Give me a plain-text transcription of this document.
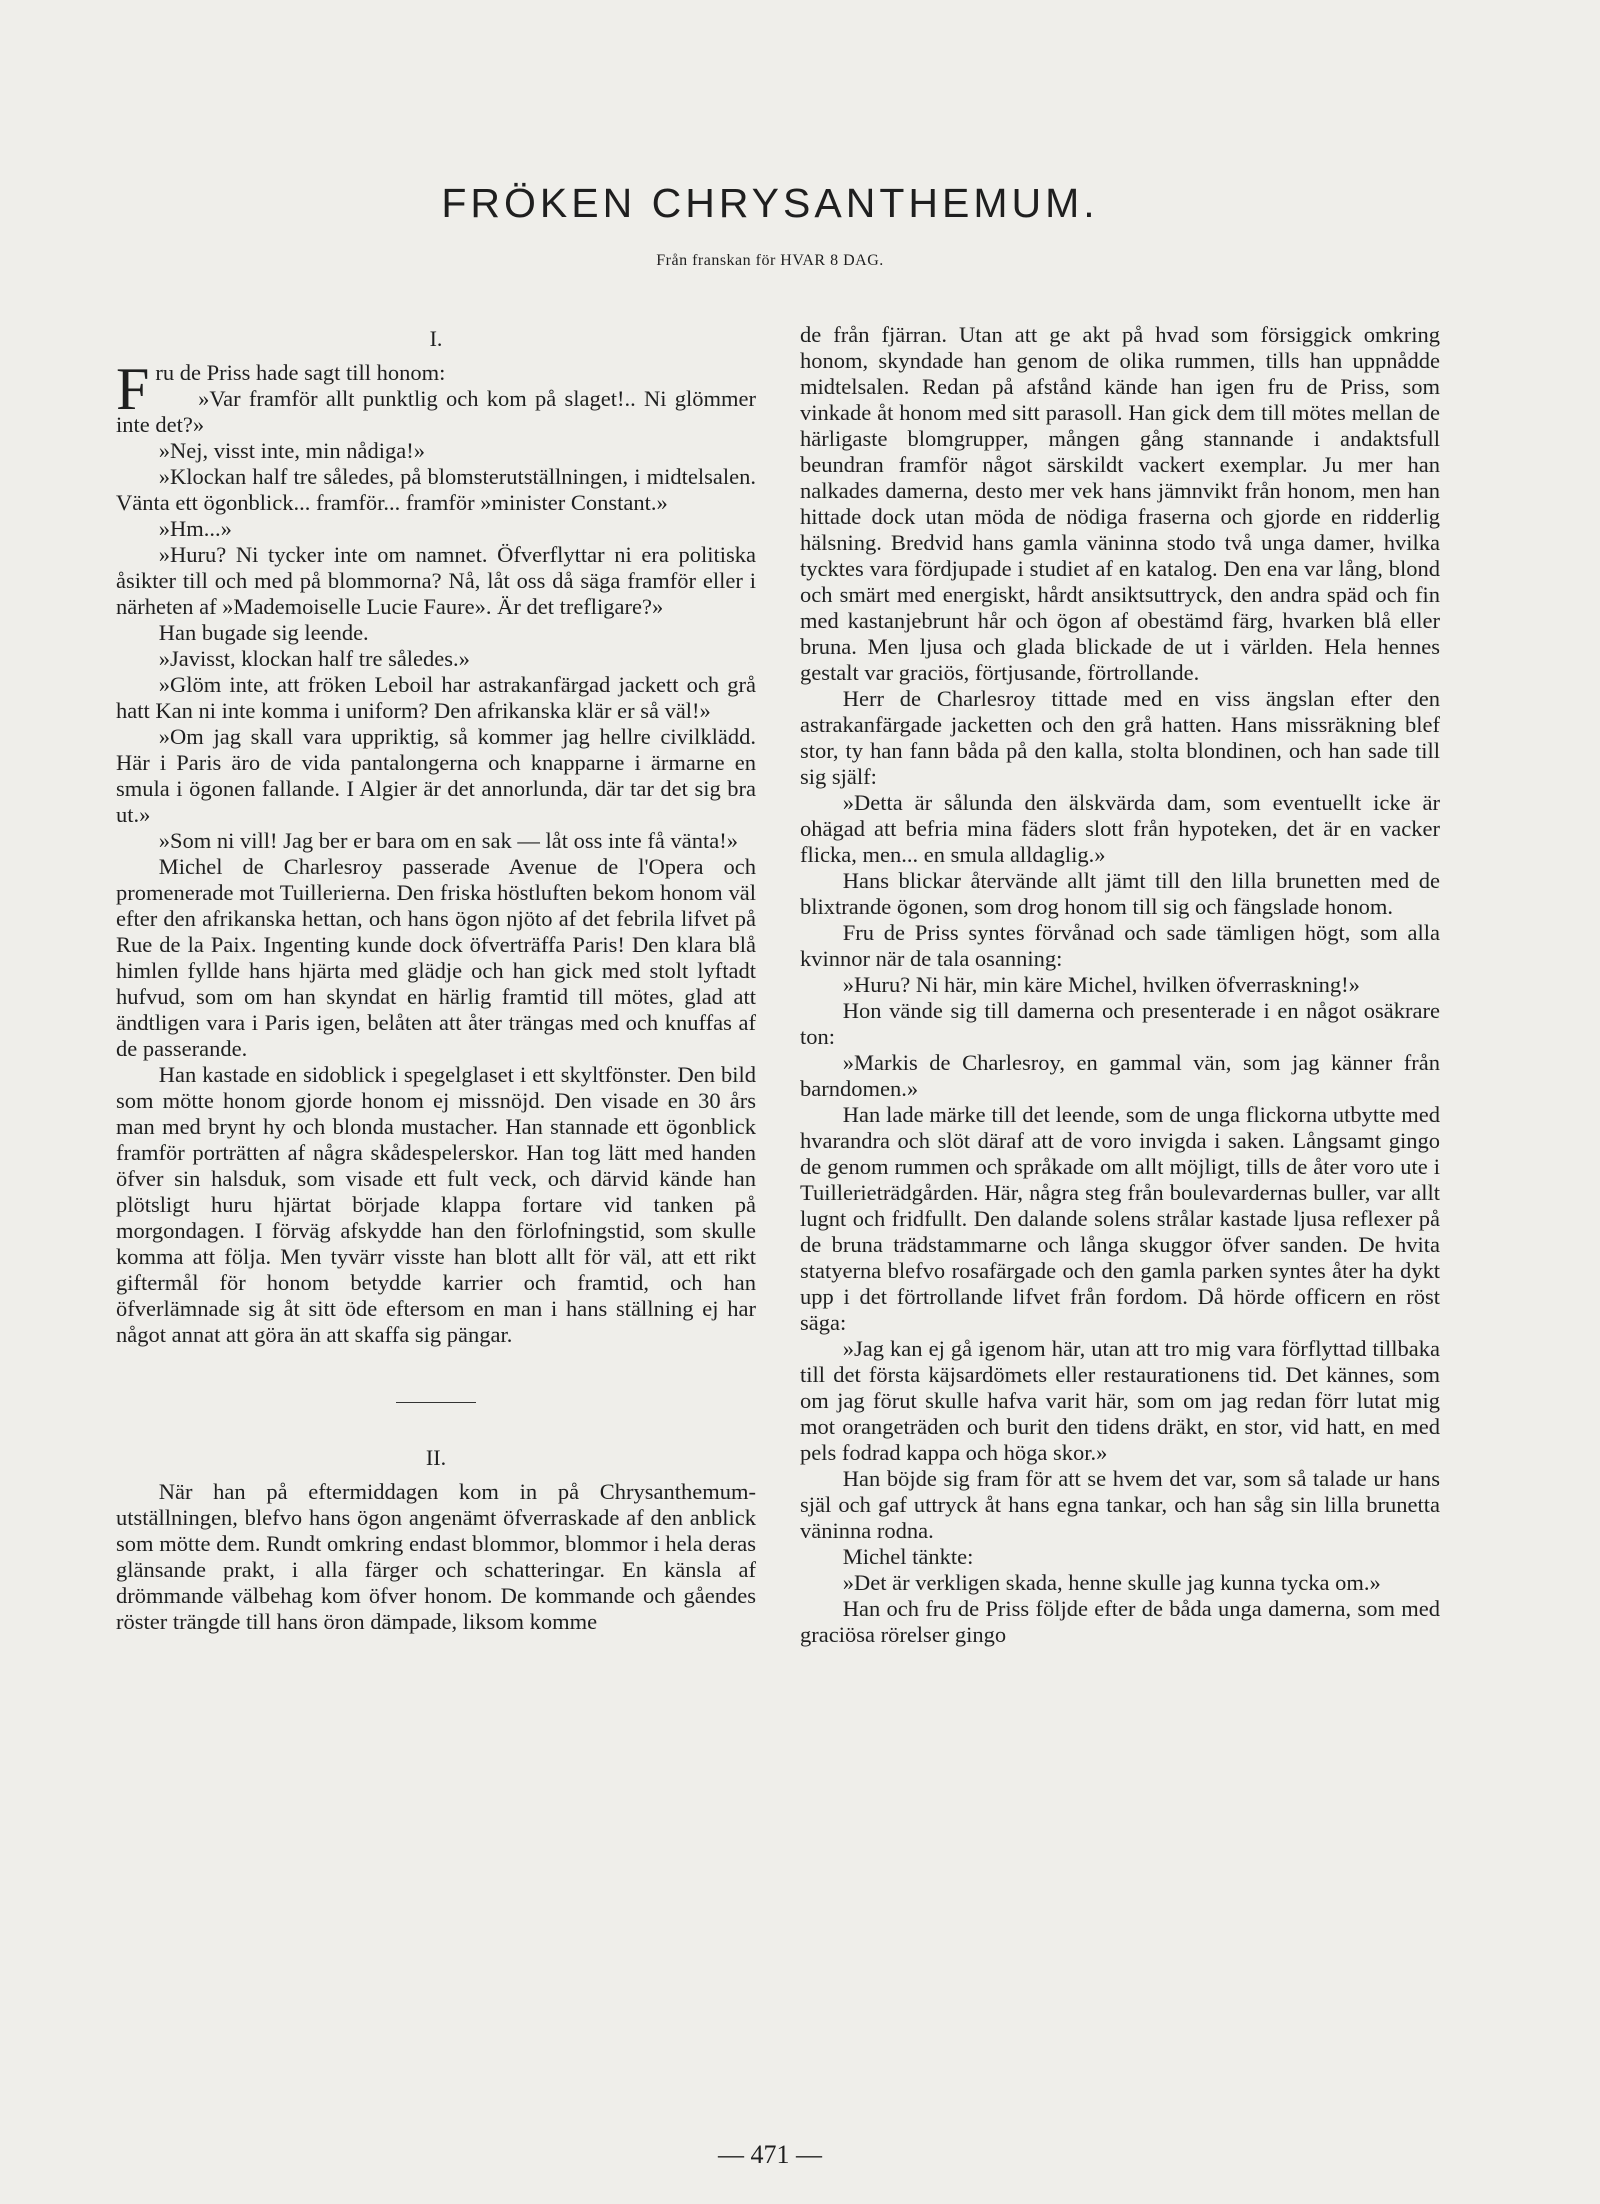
FRÖKEN CHRYSANTHEMUM.
Från franskan för HVAR 8 DAG.
I.

Fru de Priss hade sagt till honom:

»Var framför allt punktlig och kom på slaget!.. Ni glömmer inte det?»

»Nej, visst inte, min nådiga!»

»Klockan half tre således, på blomsterutställningen, i midtelsalen. Vänta ett ögonblick... framför... framför »minister Constant.»

»Hm...»

»Huru? Ni tycker inte om namnet. Öfverflyttar ni era politiska åsikter till och med på blommorna? Nå, låt oss då säga framför eller i närheten af »Mademoiselle Lucie Faure». Är det trefligare?»

Han bugade sig leende.

»Javisst, klockan half tre således.»

»Glöm inte, att fröken Leboil har astrakanfärgad jackett och grå hatt Kan ni inte komma i uniform? Den afrikanska klär er så väl!»

»Om jag skall vara uppriktig, så kommer jag hellre civilklädd. Här i Paris äro de vida pantalongerna och knapparne i ärmarne en smula i ögonen fallande. I Algier är det annorlunda, där tar det sig bra ut.»

»Som ni vill! Jag ber er bara om en sak — låt oss inte få vänta!»

Michel de Charlesroy passerade Avenue de l'Opera och promenerade mot Tuillerierna. Den friska höstluften bekom honom väl efter den afrikanska hettan, och hans ögon njöto af det febrila lifvet på Rue de la Paix. Ingenting kunde dock öfverträffa Paris! Den klara blå himlen fyllde hans hjärta med glädje och han gick med stolt lyftadt hufvud, som om han skyndat en härlig framtid till mötes, glad att ändtligen vara i Paris igen, belåten att åter trängas med och knuffas af de passerande.

Han kastade en sidoblick i spegelglaset i ett skyltfönster. Den bild som mötte honom gjorde honom ej missnöjd. Den visade en 30 års man med brynt hy och blonda mustacher. Han stannade ett ögonblick framför porträtten af några skådespelerskor. Han tog lätt med handen öfver sin halsduk, som visade ett fult veck, och därvid kände han plötsligt huru hjärtat började klappa fortare vid tanken på morgondagen. I förväg afskydde han den förlofningstid, som skulle komma att följa. Men tyvärr visste han blott allt för väl, att ett rikt giftermål för honom betydde karrier och framtid, och han öfverlämnade sig åt sitt öde eftersom en man i hans ställning ej har något annat att göra än att skaffa sig pängar.

II.

När han på eftermiddagen kom in på Chrysanthemum-utställningen, blefvo hans ögon angenämt öfverraskade af den anblick som mötte dem. Rundt omkring endast blommor, blommor i hela deras glänsande prakt, i alla färger och schatteringar. En känsla af drömmande välbehag kom öfver honom. De kommande och gåendes röster trängde till hans öron dämpade, liksom komme

de från fjärran. Utan att ge akt på hvad som försiggick omkring honom, skyndade han genom de olika rummen, tills han uppnådde midtelsalen. Redan på afstånd kände han igen fru de Priss, som vinkade åt honom med sitt parasoll. Han gick dem till mötes mellan de härligaste blomgrupper, mången gång stannande i andaktsfull beundran framför något särskildt vackert exemplar. Ju mer han nalkades damerna, desto mer vek hans jämnvikt från honom, men han hittade dock utan möda de nödiga fraserna och gjorde en ridderlig hälsning. Bredvid hans gamla väninna stodo två unga damer, hvilka tycktes vara fördjupade i studiet af en katalog. Den ena var lång, blond och smärt med energiskt, hårdt ansiktsuttryck, den andra späd och fin med kastanjebrunt hår och ögon af obestämd färg, hvarken blå eller bruna. Men ljusa och glada blickade de ut i världen. Hela hennes gestalt var graciös, förtjusande, förtrollande.

Herr de Charlesroy tittade med en viss ängslan efter den astrakanfärgade jacketten och den grå hatten. Hans missräkning blef stor, ty han fann båda på den kalla, stolta blondinen, och han sade till sig själf:

»Detta är sålunda den älskvärda dam, som eventuellt icke är ohägad att befria mina fäders slott från hypoteken, det är en vacker flicka, men... en smula alldaglig.»

Hans blickar återvände allt jämt till den lilla brunetten med de blixtrande ögonen, som drog honom till sig och fängslade honom.

Fru de Priss syntes förvånad och sade tämligen högt, som alla kvinnor när de tala osanning:

»Huru? Ni här, min käre Michel, hvilken öfverraskning!»

Hon vände sig till damerna och presenterade i en något osäkrare ton:

»Markis de Charlesroy, en gammal vän, som jag känner från barndomen.»

Han lade märke till det leende, som de unga flickorna utbytte med hvarandra och slöt däraf att de voro invigda i saken. Långsamt gingo de genom rummen och språkade om allt möjligt, tills de åter voro ute i Tuillerieträdgården. Här, några steg från boulevardernas buller, var allt lugnt och fridfullt. Den dalande solens strålar kastade ljusa reflexer på de bruna trädstammarne och långa skuggor öfver sanden. De hvita statyerna blefvo rosafärgade och den gamla parken syntes åter ha dykt upp i det förtrollande lifvet från fordom. Då hörde officern en röst säga:

»Jag kan ej gå igenom här, utan att tro mig vara förflyttad tillbaka till det första käjsardömets eller restaurationens tid. Det kännes, som om jag förut skulle hafva varit här, som om jag redan förr lutat mig mot orangeträden och burit den tidens dräkt, en stor, vid hatt, en med pels fodrad kappa och höga skor.»

Han böjde sig fram för att se hvem det var, som så talade ur hans själ och gaf uttryck åt hans egna tankar, och han såg sin lilla brunetta väninna rodna.

Michel tänkte:

»Det är verkligen skada, henne skulle jag kunna tycka om.»

Han och fru de Priss följde efter de båda unga damerna, som med graciösa rörelser gingo

— 471 —
